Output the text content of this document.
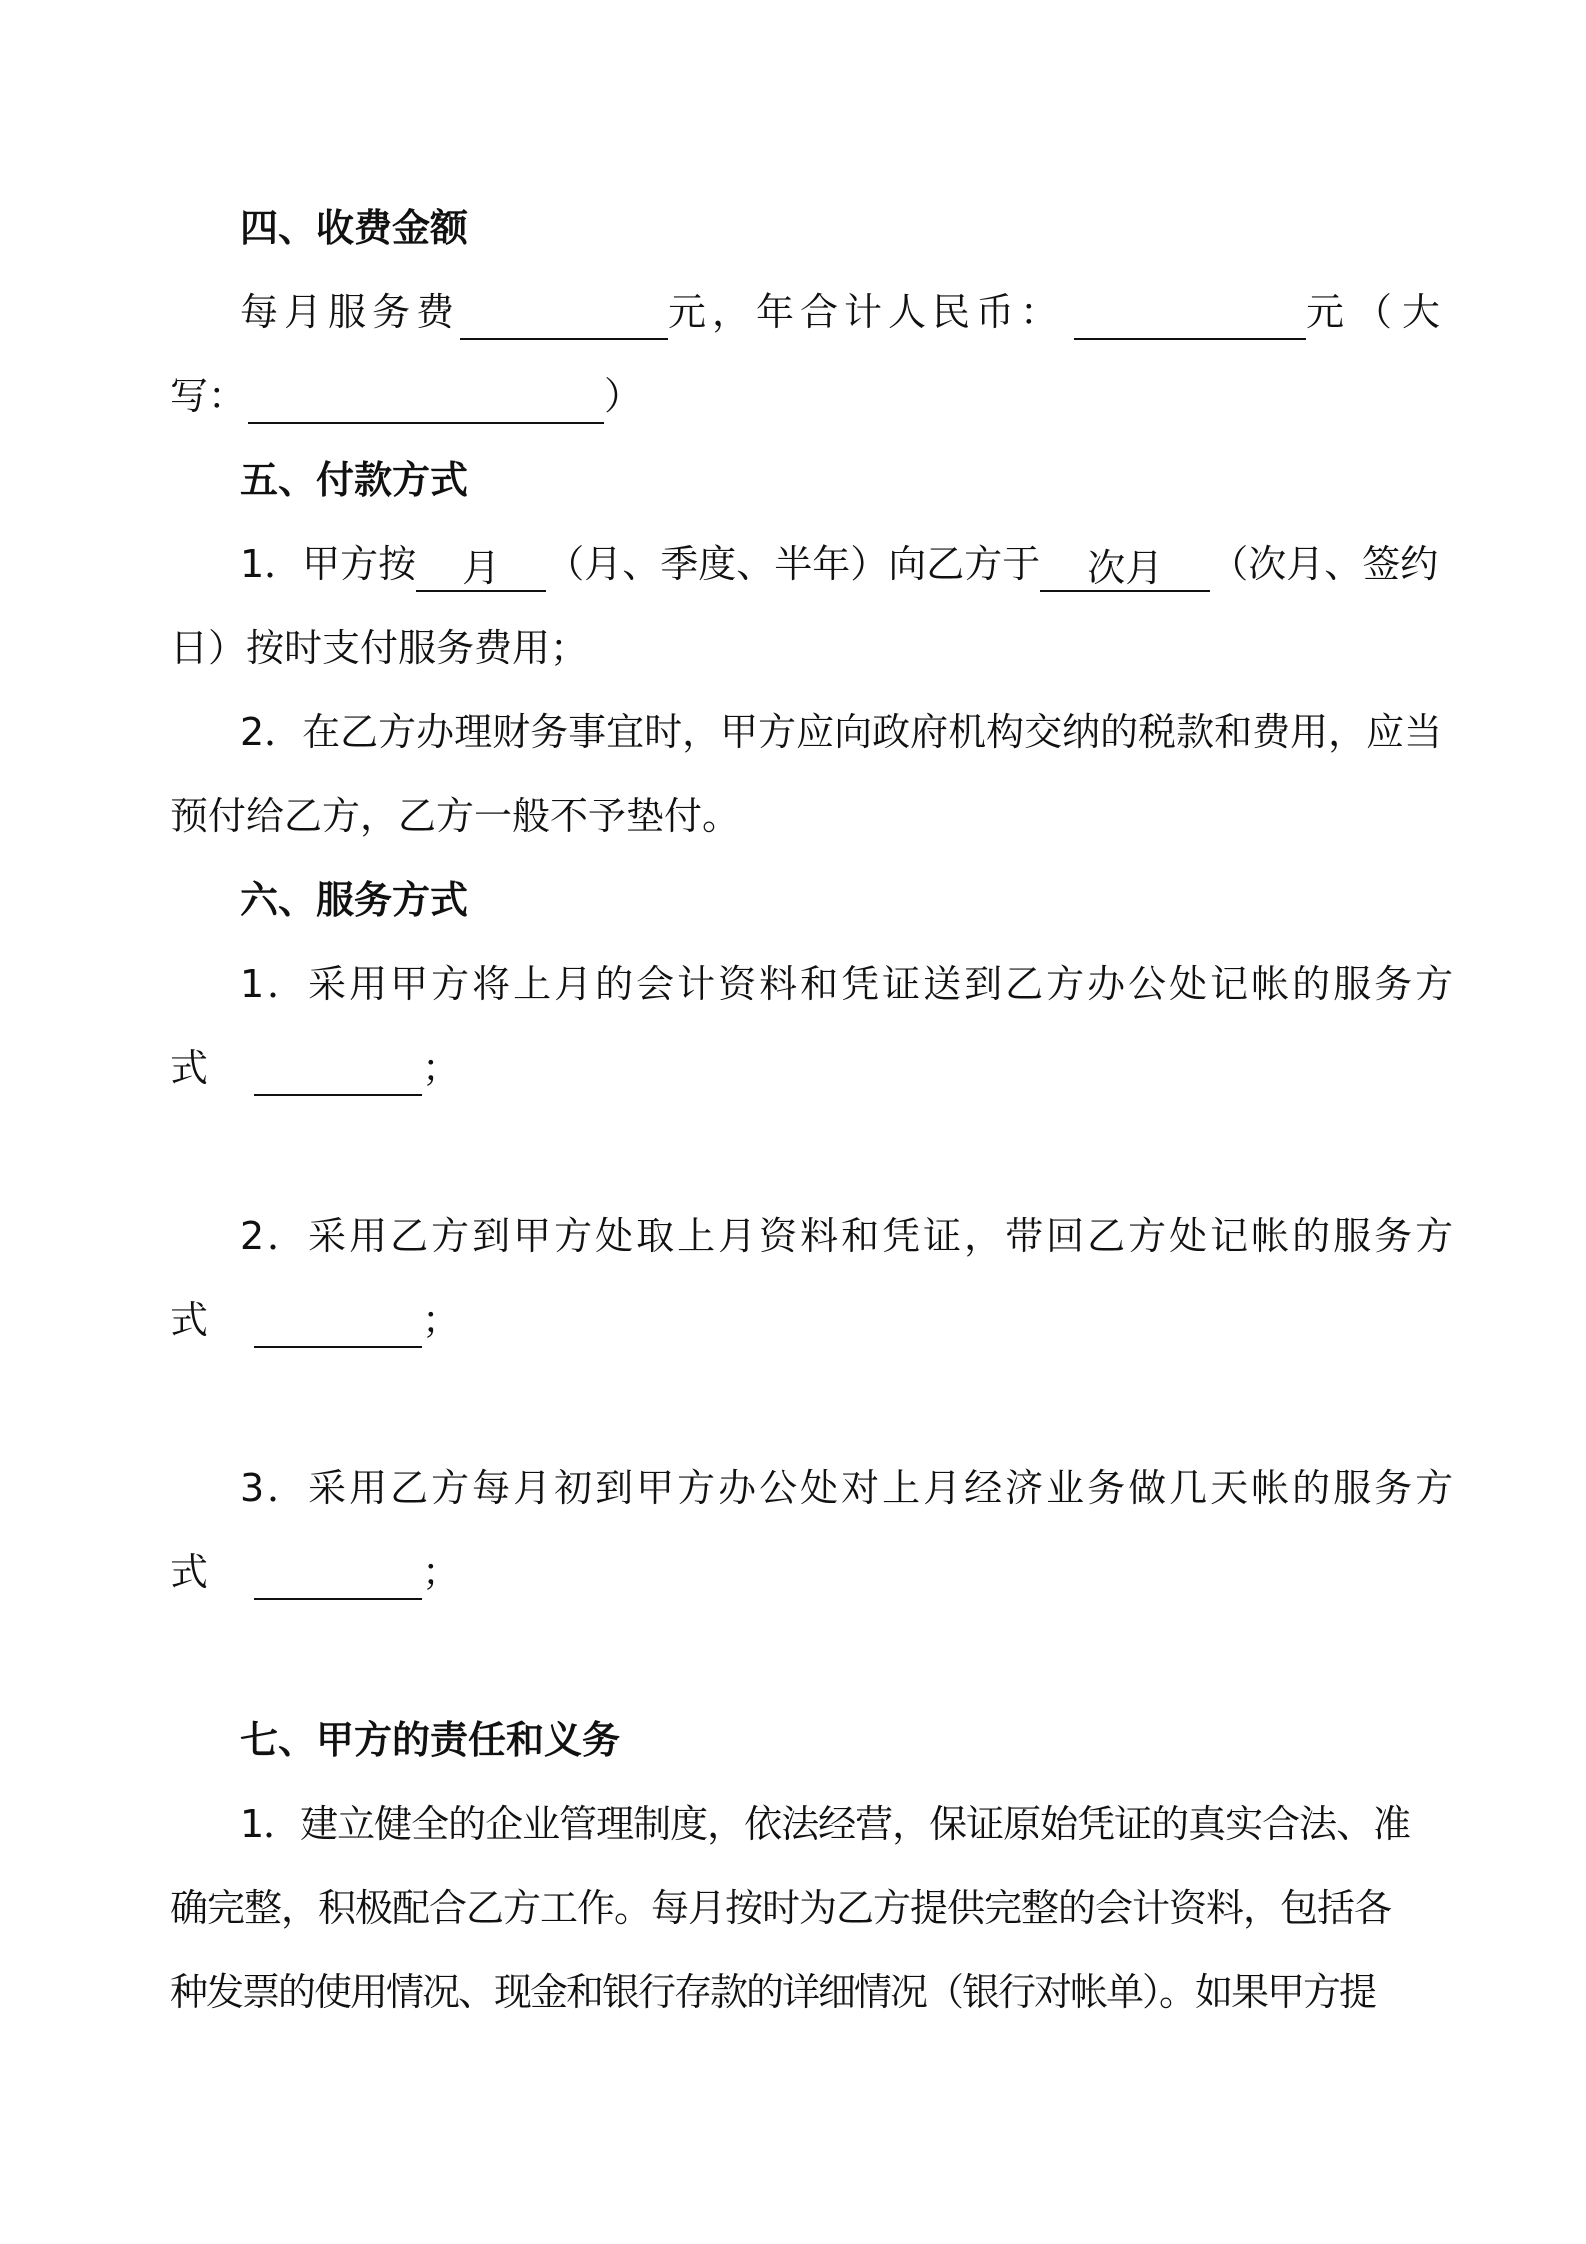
四、收费金额
每月服务费	元，年合计人民币：	元（大
写：	）
五、付款方式
1．甲方按 月 （月、季度、半年）向乙方于 次月 （次月、签约
日）按时支付服务费用；
2．在乙方办理财务事宜时，甲方应向政府机构交纳的税款和费用，应当
预付给乙方，乙方一般不予垫付。
六、服务方式
1．采用甲方将上月的会计资料和凭证送到乙方办公处记帐的服务方
式	；
2．采用乙方到甲方处取上月资料和凭证，带回乙方处记帐的服务方
式	；
3．采用乙方每月初到甲方办公处对上月经济业务做几天帐的服务方
式	；
七、甲方的责任和义务
1．建立健全的企业管理制度，依法经营，保证原始凭证的真实合法、准
确完整，积极配合乙方工作。每月按时为乙方提供完整的会计资料，包括各
种发票的使用情况、现金和银行存款的详细情况（银行对帐单）。如果甲方提
